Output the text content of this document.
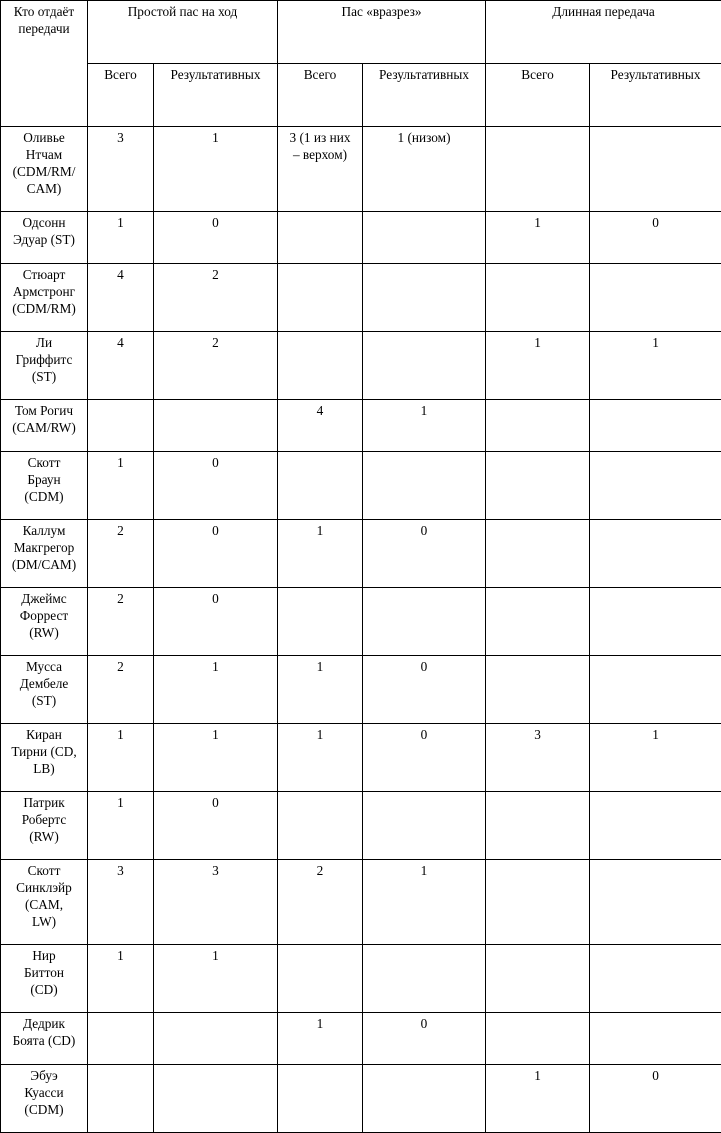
Кто отдаёт
передачи	Простой пас на ход		Пас «вразрез»		Длинная передача	

	Всего	Результативных	Всего	Результативных	Всего	Результативных

Оливье
Нтчам
(CDM/RM/
CAM)	3	1	3 (1 из них
– верхом)	1 (низом)		

Одсонн
Эдуар (ST)	1	0			1	0

Стюарт
Армстронг
(CDM/RM)	4	2				

Ли
Гриффитс
(ST)	4	2			1	1

Том Рогич
(CAM/RW)			4	1		

Скотт
Браун
(CDM)	1	0				

Каллум
Макгрегор
(DM/CAM)	2	0	1	0		

Джеймс
Форрест
(RW)	2	0				

Мусса
Дембеле
(ST)	2	1	1	0		

Киран
Тирни (CD,
LB)	1	1	1	0	3	1

Патрик
Робертс
(RW)	1	0				

Скотт
Синклэйр
(CAM,
LW)	3	3	2	1		

Нир
Биттон
(CD)	1	1				

Дедрик
Боята (CD)			1	0		

Эбуэ
Куасси
(CDM)					1	0
